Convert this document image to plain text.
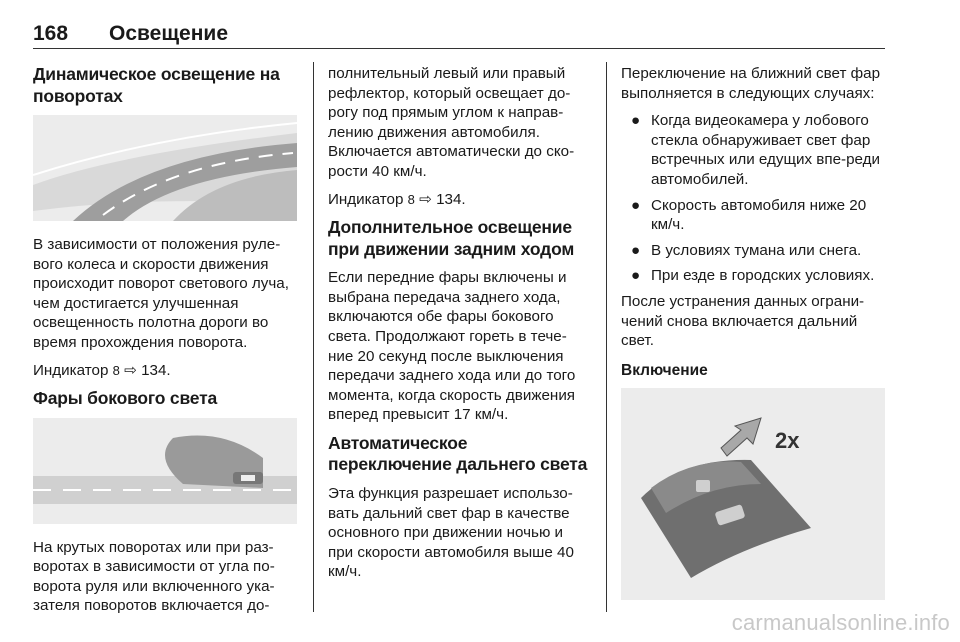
168 Освещение
Динамическое освещение на поворотах

В зависимости от положения руле-вого колеса и скорости движения происходит поворот светового луча, чем достигается улучшенная освещенность полотна дороги во время прохождения поворота.

Индикатор 8 ⇨ 134.

Фары бокового света

На крутых поворотах или при раз-воротах в зависимости от угла по-ворота руля или включенного ука-зателя поворотов включается до-

полнительный левый или правый рефлектор, который освещает до-рогу под прямым углом к направ-лению движения автомобиля. Включается автоматически до ско-рости 40 км/ч.

Индикатор 8 ⇨ 134.

Дополнительное освещение при движении задним ходом

Если передние фары включены и выбрана передача заднего хода, включаются обе фары бокового света. Продолжают гореть в тече-ние 20 секунд после выключения передачи заднего хода или до того момента, когда скорость движения вперед превысит 17 км/ч.

Автоматическое переключение дальнего света

Эта функция разрешает использо-вать дальний свет фар в качестве основного при движении ночью и при скорости автомобиля выше 40 км/ч.

Переключение на ближний свет фар выполняется в следующих случаях:

● Когда видеокамера у лобового стекла обнаруживает свет фар встречных или едущих впе-реди автомобилей.
● Скорость автомобиля ниже 20 км/ч.
● В условиях тумана или снега.
● При езде в городских условиях.

После устранения данных ограни-чений снова включается дальний свет.

Включение
2x
carmanualsonline.info
